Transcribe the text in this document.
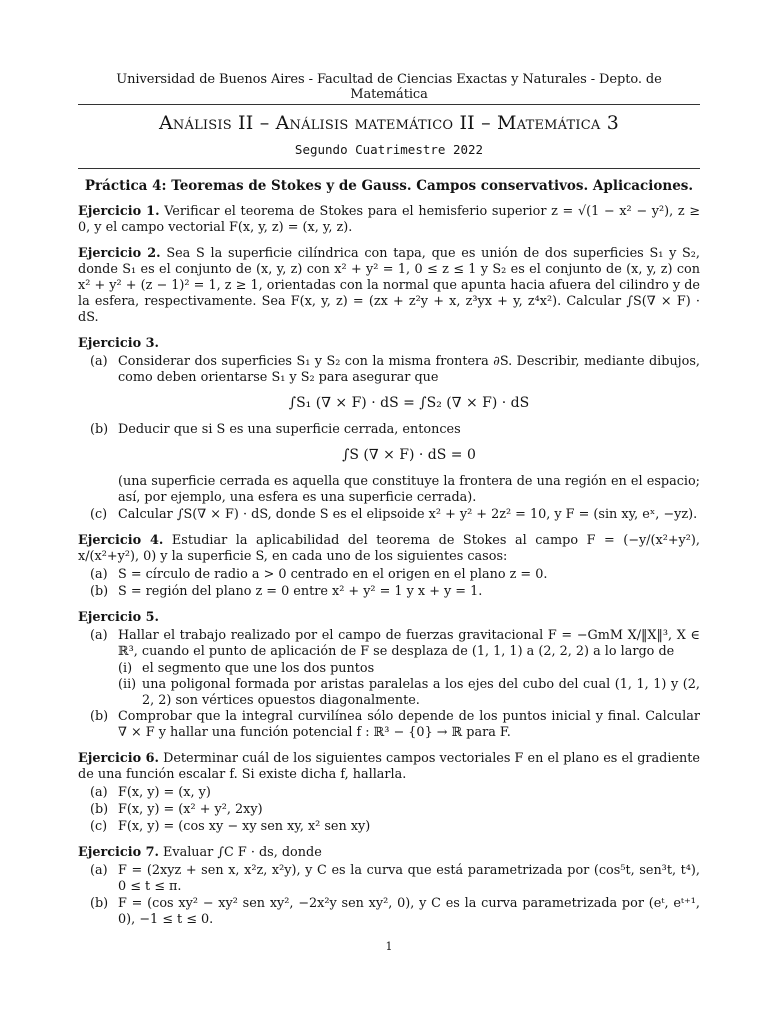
Universidad de Buenos Aires - Facultad de Ciencias Exactas y Naturales - Depto. de Matemática
Análisis II – Análisis matemático II – Matemática 3
Segundo Cuatrimestre 2022
Práctica 4: Teoremas de Stokes y de Gauss. Campos conservativos. Aplicaciones.
Ejercicio 1. Verificar el teorema de Stokes para el hemisferio superior z = √(1 − x² − y²), z ≥ 0, y el campo vectorial F(x, y, z) = (x, y, z).
Ejercicio 2. Sea S la superficie cilíndrica con tapa, que es unión de dos superficies S₁ y S₂, donde S₁ es el conjunto de (x, y, z) con x² + y² = 1, 0 ≤ z ≤ 1 y S₂ es el conjunto de (x, y, z) con x² + y² + (z − 1)² = 1, z ≥ 1, orientadas con la normal que apunta hacia afuera del cilindro y de la esfera, respectivamente. Sea F(x, y, z) = (zx + z²y + x, z³yx + y, z⁴x²). Calcular ∫S(∇ × F) · dS.
Ejercicio 3.
(a) Considerar dos superficies S₁ y S₂ con la misma frontera ∂S. Describir, mediante dibujos, como deben orientarse S₁ y S₂ para asegurar que
∫S₁ (∇ × F) · dS = ∫S₂ (∇ × F) · dS
(b) Deducir que si S es una superficie cerrada, entonces
∫S (∇ × F) · dS = 0
(una superficie cerrada es aquella que constituye la frontera de una región en el espacio; así, por ejemplo, una esfera es una superficie cerrada).
(c) Calcular ∫S(∇ × F) · dS, donde S es el elipsoide x² + y² + 2z² = 10, y F = (sin xy, eˣ, −yz).
Ejercicio 4. Estudiar la aplicabilidad del teorema de Stokes al campo F = (−y/(x²+y²), x/(x²+y²), 0) y la superficie S, en cada uno de los siguientes casos:
(a) S = círculo de radio a > 0 centrado en el origen en el plano z = 0.
(b) S = región del plano z = 0 entre x² + y² = 1 y x + y = 1.
Ejercicio 5.
(a) Hallar el trabajo realizado por el campo de fuerzas gravitacional F = −GmM X/‖X‖³, X ∈ ℝ³, cuando el punto de aplicación de F se desplaza de (1, 1, 1) a (2, 2, 2) a lo largo de
(i) el segmento que une los dos puntos
(ii) una poligonal formada por aristas paralelas a los ejes del cubo del cual (1, 1, 1) y (2, 2, 2) son vértices opuestos diagonalmente.
(b) Comprobar que la integral curvilínea sólo depende de los puntos inicial y final. Calcular ∇ × F y hallar una función potencial f : ℝ³ − {0} → ℝ para F.
Ejercicio 6. Determinar cuál de los siguientes campos vectoriales F en el plano es el gradiente de una función escalar f. Si existe dicha f, hallarla.
(a) F(x, y) = (x, y)
(b) F(x, y) = (x² + y², 2xy)
(c) F(x, y) = (cos xy − xy sen xy, x² sen xy)
Ejercicio 7. Evaluar ∫C F · ds, donde
(a) F = (2xyz + sen x, x²z, x²y), y C es la curva que está parametrizada por (cos⁵t, sen³t, t⁴), 0 ≤ t ≤ π.
(b) F = (cos xy² − xy² sen xy², −2x²y sen xy², 0), y C es la curva parametrizada por (eᵗ, eᵗ⁺¹, 0), −1 ≤ t ≤ 0.
1
